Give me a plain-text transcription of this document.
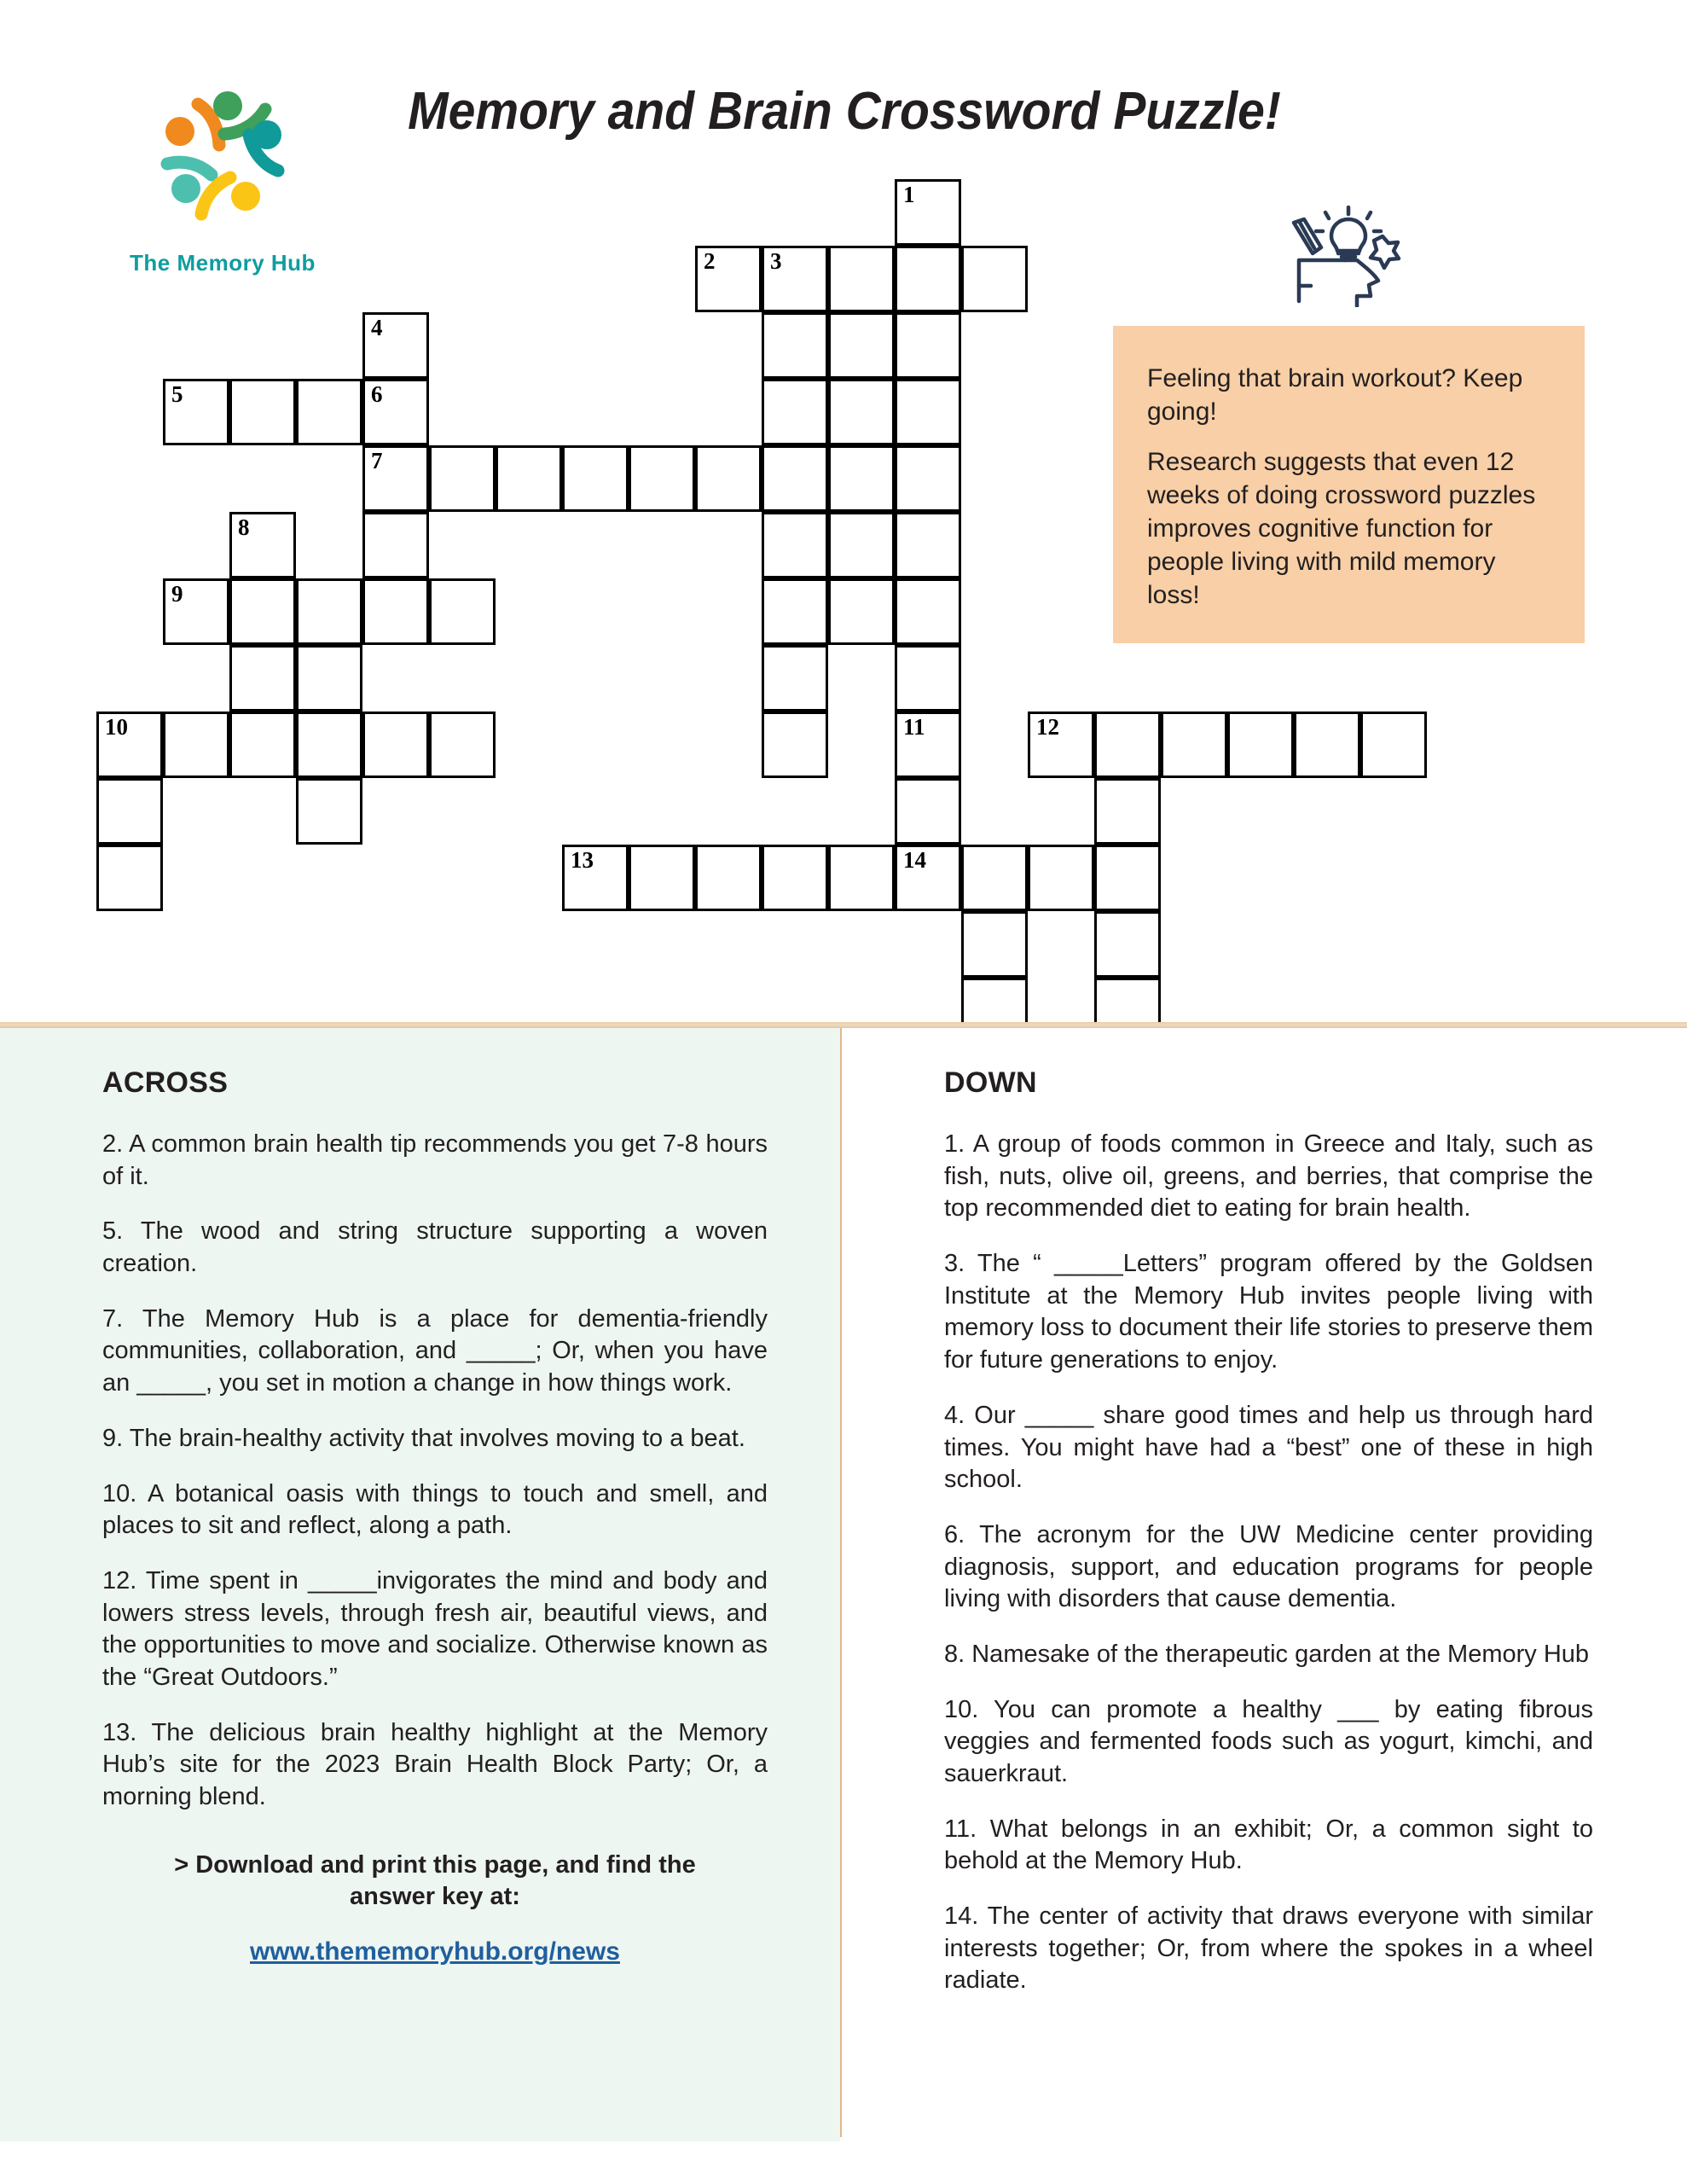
The Memory Hub
Memory and Brain Crossword Puzzle!

Feeling that brain workout? Keep going!

Research suggests that even 12 weeks of doing crossword puzzles improves cognitive function for people living with mild memory loss!

1
2 3
4
5	6
7
8
9
10	11	12
13	14
ACROSS

2. A common brain health tip recommends you get 7-8 hours of it.

5. The wood and string structure supporting a woven creation.

7. The Memory Hub is a place for dementia-friendly communities, collaboration, and _____; Or, when you have an _____, you set in motion a change in how things work.

9. The brain-healthy activity that involves moving to a beat.

10. A botanical oasis with things to touch and smell, and places to sit and reflect, along a path.

12. Time spent in _____invigorates the mind and body and lowers stress levels, through fresh air, beautiful views, and the opportunities to move and socialize. Otherwise known as the “Great Outdoors.”

13. The delicious brain healthy highlight at the Memory Hub’s site for the 2023 Brain Health Block Party; Or, a morning blend.

> Download and print this page, and find the answer key at:
www.thememoryhub.org/news
DOWN

1. A group of foods common in Greece and Italy, such as fish, nuts, olive oil, greens, and berries, that comprise the top recommended diet to eating for brain health.

3. The “ _____Letters” program offered by the Goldsen Institute at the Memory Hub invites people living with memory loss to document their life stories to preserve them for future generations to enjoy.

4. Our _____ share good times and help us through hard times. You might have had a “best” one of these in high school.

6. The acronym for the UW Medicine center providing diagnosis, support, and education programs for people living with disorders that cause dementia.

8. Namesake of the therapeutic garden at the Memory Hub

10. You can promote a healthy ___ by eating fibrous veggies and fermented foods such as yogurt, kimchi, and sauerkraut.

11. What belongs in an exhibit; Or, a common sight to behold at the Memory Hub.

14. The center of activity that draws everyone with similar interests together; Or, from where the spokes in a wheel radiate.
